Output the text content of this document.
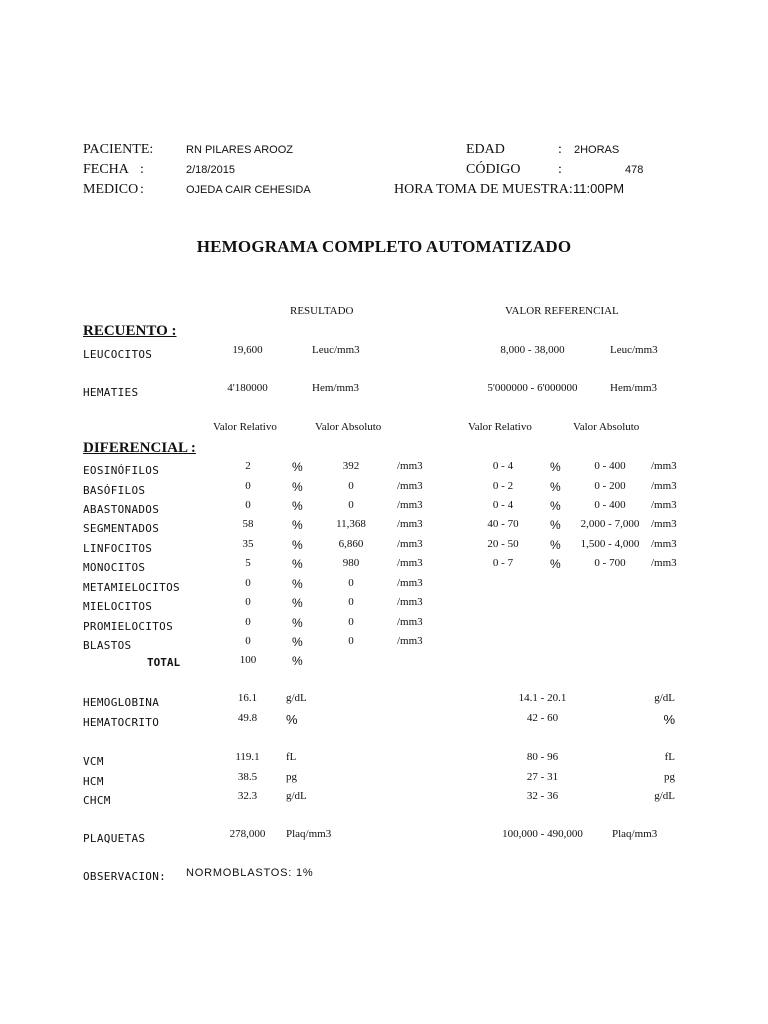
PACIENTE:	RN PILARES AROOZ
FECHA :	2/18/2015
MEDICO :	OJEDA CAIR CEHESIDA
EDAD	: 2HORAS
CÓDIGO	:	478
HORA TOMA DE MUESTRA: 11:00PM
HEMOGRAMA COMPLETO AUTOMATIZADO
RESULTADO	VALOR REFERENCIAL
RECUENTO :
LEUCOCITOS	19,600	Leuc/mm3	8,000 - 38,000	Leuc/mm3
HEMATIES	4'180000	Hem/mm3	5'000000 - 6'000000	Hem/mm3
Valor Relativo	Valor Absoluto	Valor Relativo	Valor Absoluto
DIFERENCIAL :
EOSINÓFILOS	2	%	392	/mm3	0 - 4	%	0 - 400	/mm3
BASÓFILOS	0	%	0	/mm3	0 - 2	%	0 - 200	/mm3
ABASTONADOS	0	%	0	/mm3	0 - 4	%	0 - 400	/mm3
SEGMENTADOS	58	%	11,368	/mm3	40 - 70	%	2,000 - 7,000	/mm3
LINFOCITOS	35	%	6,860	/mm3	20 - 50	%	1,500 - 4,000	/mm3
MONOCITOS	5	%	980	/mm3	0 - 7	%	0 - 700	/mm3
METAMIELOCITOS	0	%	0	/mm3
MIELOCITOS	0	%	0	/mm3
PROMIELOCITOS	0	%	0	/mm3
BLASTOS	0	%	0	/mm3
TOTAL	100	%
HEMOGLOBINA	16.1	g/dL	14.1 - 20.1	g/dL
HEMATOCRITO	49.8	%	42 - 60	%
VCM	119.1	fL	80 - 96	fL
HCM	38.5	pg	27 - 31	pg
CHCM	32.3	g/dL	32 - 36	g/dL
PLAQUETAS	278,000	Plaq/mm3	100,000 - 490,000	Plaq/mm3
OBSERVACION: NORMOBLASTOS: 1%
